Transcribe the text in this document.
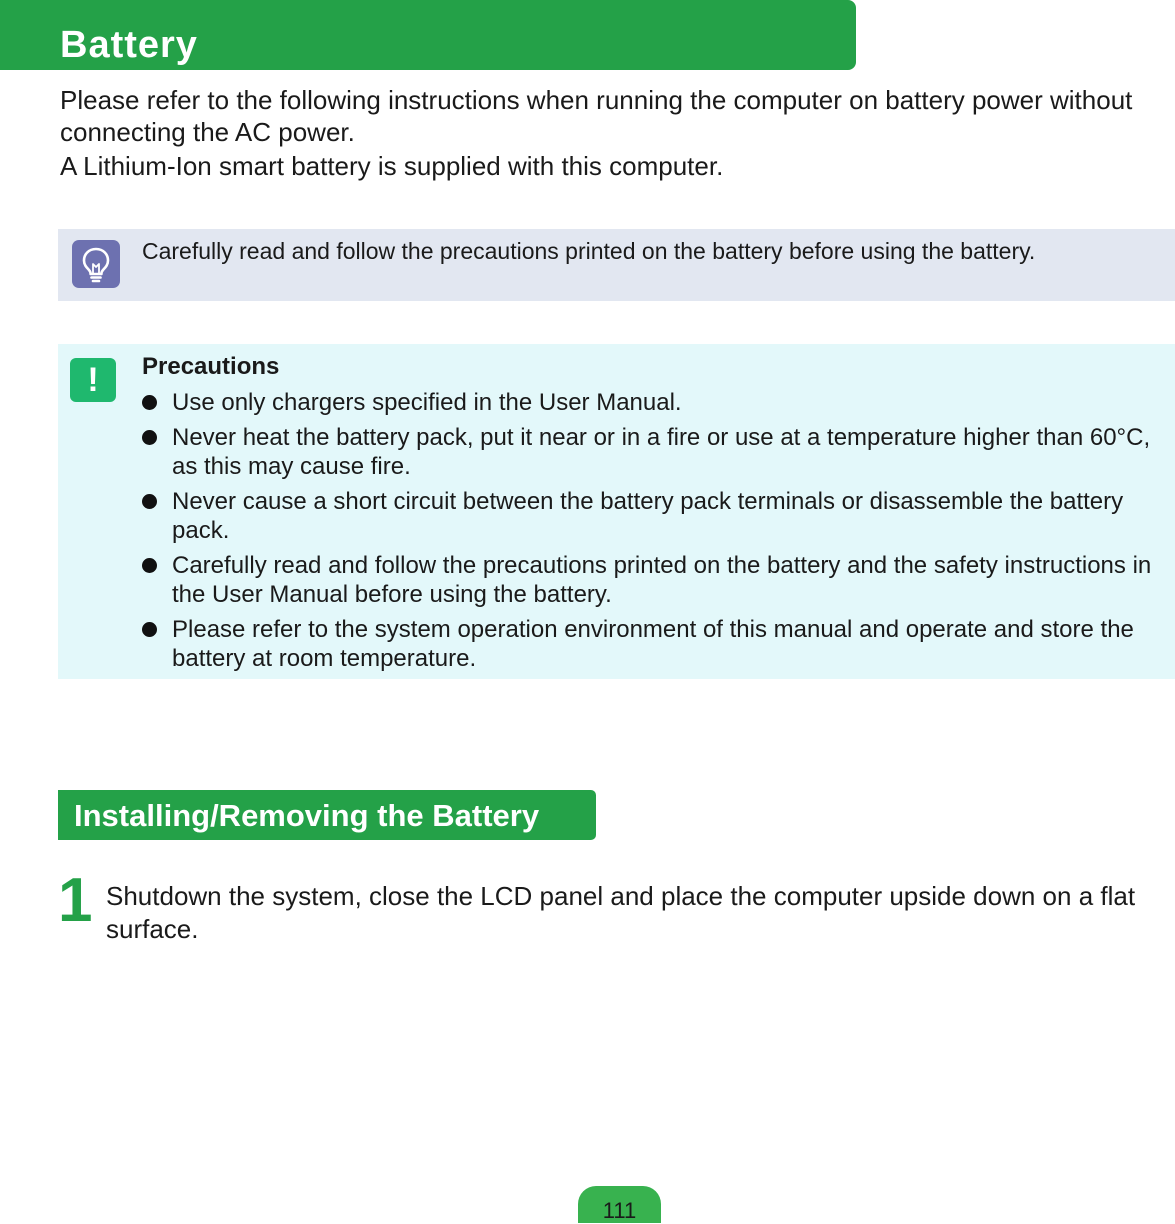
Battery

Please refer to the following instructions when running the computer on battery power without connecting the AC power.

A Lithium-Ion smart battery is supplied with this computer.

Carefully read and follow the precautions printed on the battery before using the battery.

!	Precautions
Use only chargers specified in the User Manual.
Never heat the battery pack, put it near or in a fire or use at a temperature higher than 60°C, as this may cause fire.
Never cause a short circuit between the battery pack terminals or disassemble the battery pack.
Carefully read and follow the precautions printed on the battery and the safety instructions in the User Manual before using the battery.
Please refer to the system operation environment of this manual and operate and store the battery at room temperature.
Installing/Removing the Battery
1 Shutdown the system, close the LCD panel and place the computer upside down on a flat surface.

111
